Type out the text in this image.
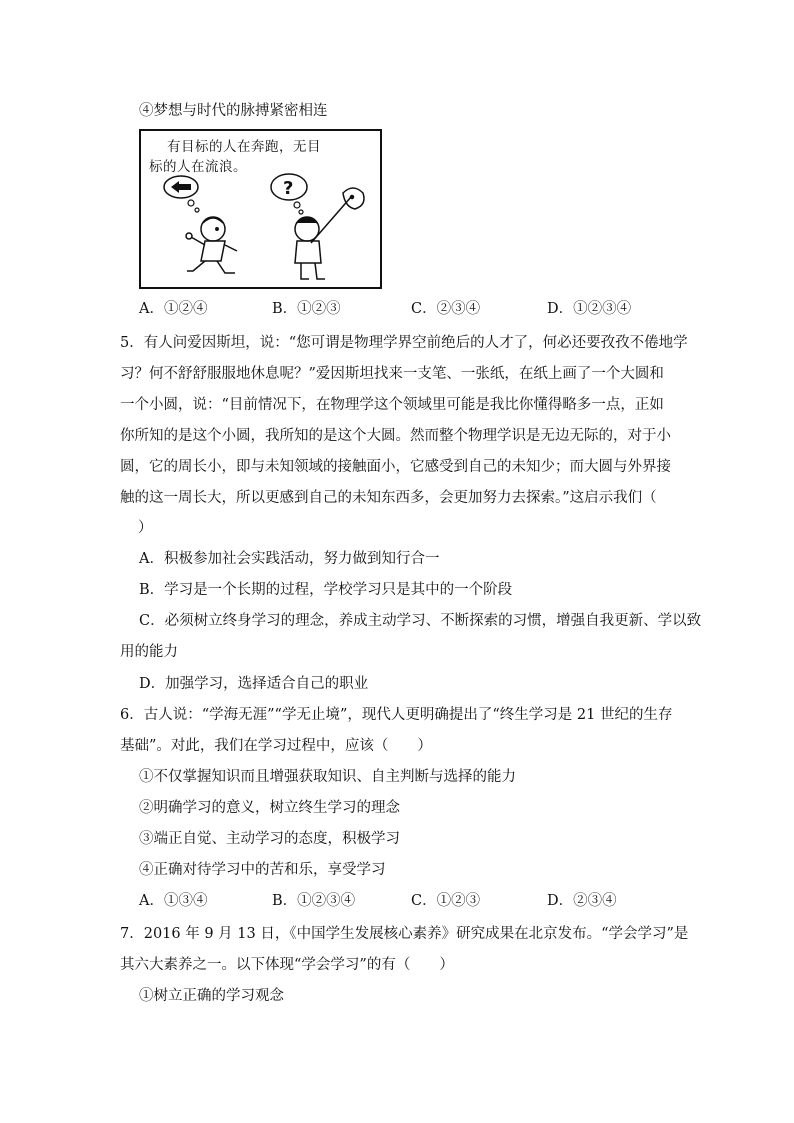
④梦想与时代的脉搏紧密相连
有目标的人在奔跑，无目
标的人在流浪。
?
A．①②④	B．①②③	C．②③④	D．①②③④
5．有人问爱因斯坦，说：“您可谓是物理学界空前绝后的人才了，何必还要孜孜不倦地学
习？何不舒舒服服地休息呢？”爱因斯坦找来一支笔、一张纸，在纸上画了一个大圆和
一个小圆，说：“目前情况下，在物理学这个领域里可能是我比你懂得略多一点，正如
你所知的是这个小圆，我所知的是这个大圆。然而整个物理学识是无边无际的，对于小
圆，它的周长小，即与未知领域的接触面小，它感受到自己的未知少；而大圆与外界接
触的这一周长大，所以更感到自己的未知东西多，会更加努力去探索。”这启示我们（
）
A．积极参加社会实践活动，努力做到知行合一
B．学习是一个长期的过程，学校学习只是其中的一个阶段
C．必须树立终身学习的理念，养成主动学习、不断探索的习惯，增强自我更新、学以致
用的能力
D．加强学习，选择适合自己的职业
6．古人说：“学海无涯”“学无止境”，现代人更明确提出了“终生学习是 21 世纪的生存
基础”。对此，我们在学习过程中，应该（　　）
①不仅掌握知识而且增强获取知识、自主判断与选择的能力
②明确学习的意义，树立终生学习的理念
③端正自觉、主动学习的态度，积极学习
④正确对待学习中的苦和乐，享受学习
A．①③④	B．①②③④	C．①②③	D．②③④
7．2016 年 9 月 13 日，《中国学生发展核心素养》研究成果在北京发布。“学会学习”是
其六大素养之一。以下体现“学会学习”的有（　　）
①树立正确的学习观念
